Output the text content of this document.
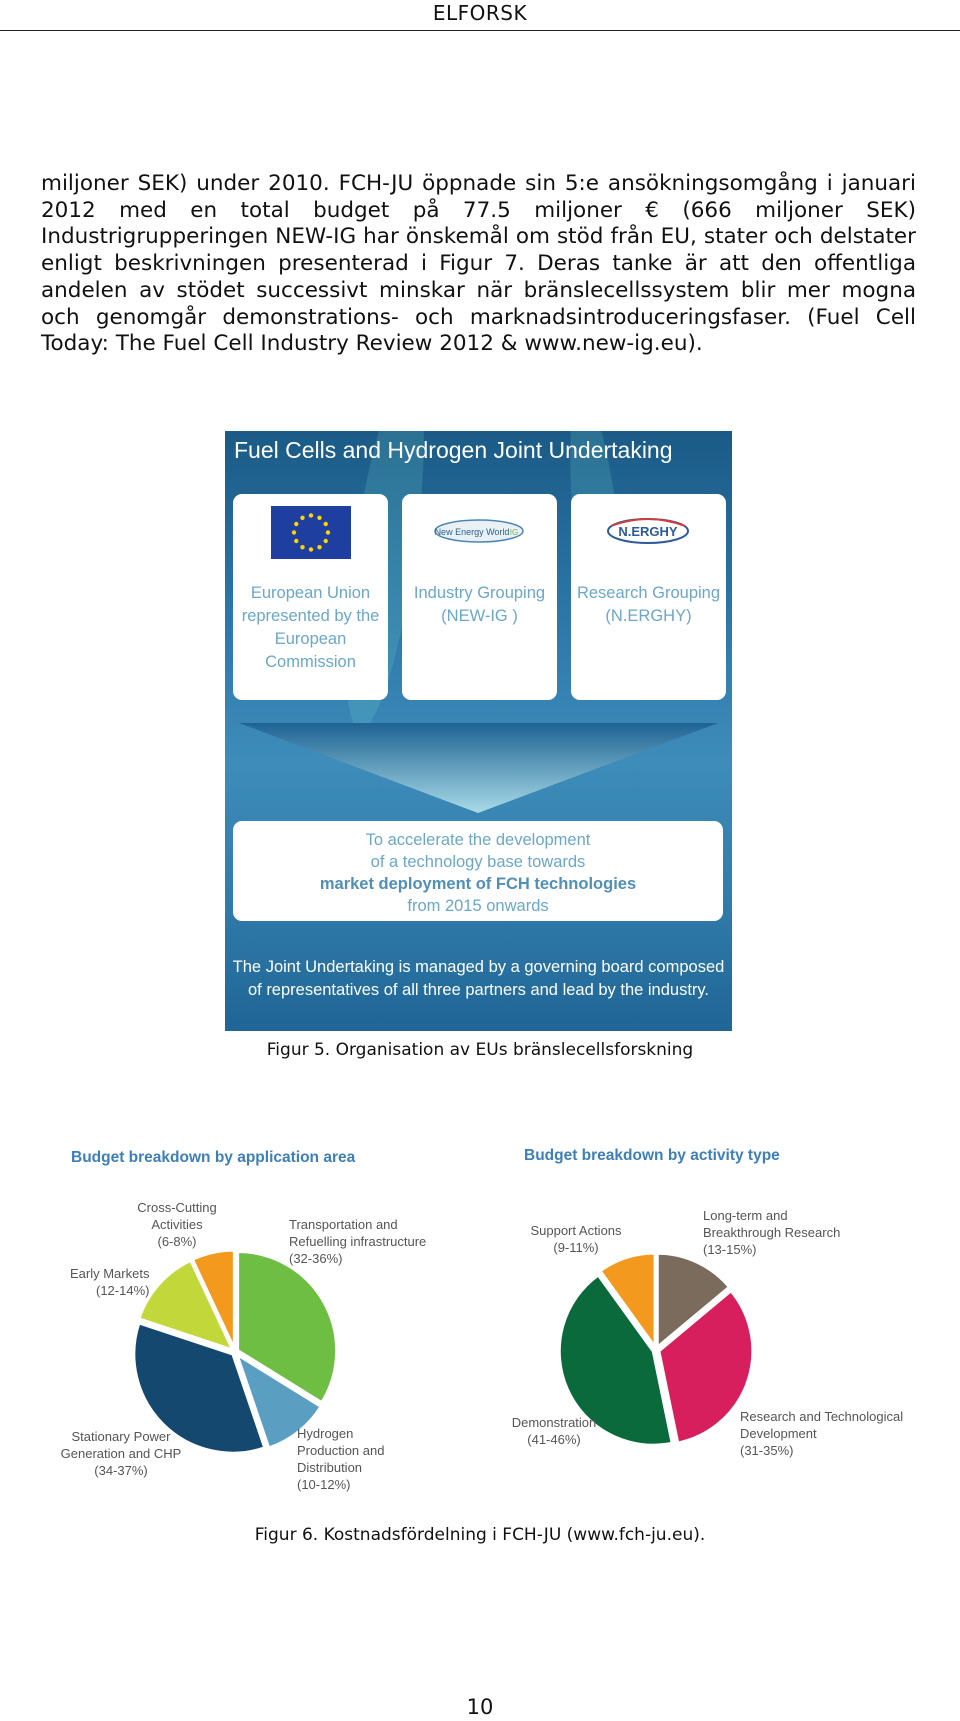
ELFORSK

miljoner SEK) under 2010. FCH-JU öppnade sin 5:e ansökningsomgång i januari 2012 med en total budget på 77.5 miljoner € (666 miljoner SEK) Industrigrupperingen NEW-IG har önskemål om stöd från EU, stater och delstater enligt beskrivningen presenterad i Figur 7. Deras tanke är att den offentliga andelen av stödet successivt minskar när bränslecellssystem blir mer mogna och genomgår demonstrations- och marknadsintroduceringsfaser. (Fuel Cell Today: The Fuel Cell Industry Review 2012 & www.new-ig.eu).

Fuel Cells and Hydrogen Joint Undertaking
European Union represented by the European Commission
New Energy World IG
Industry Grouping (NEW-IG )
N.ERGHY
Research Grouping (N.ERGHY)
To accelerate the development
of a technology base towards
market deployment of FCH technologies
from 2015 onwards
The Joint Undertaking is managed by a governing board composed of representatives of all three partners and lead by the industry.
Figur 5. Organisation av EUs bränslecellsforskning
Budget breakdown by application area	Budget breakdown by activity type
Transportation and Refuelling infrastructure
(32-36%)
Hydrogen Production and Distribution
(10-12%)
Stationary Power Generation and CHP
(34-37%)
Early Markets
(12-14%)
Cross-Cutting Activities
(6-8%)
Long-term and Breakthrough Research
(13-15%)
Research and Technological Development
(31-35%)
Demonstration
(41-46%)
Support Actions
(9-11%)
Figur 6. Kostnadsfördelning i FCH-JU (www.fch-ju.eu).
10
